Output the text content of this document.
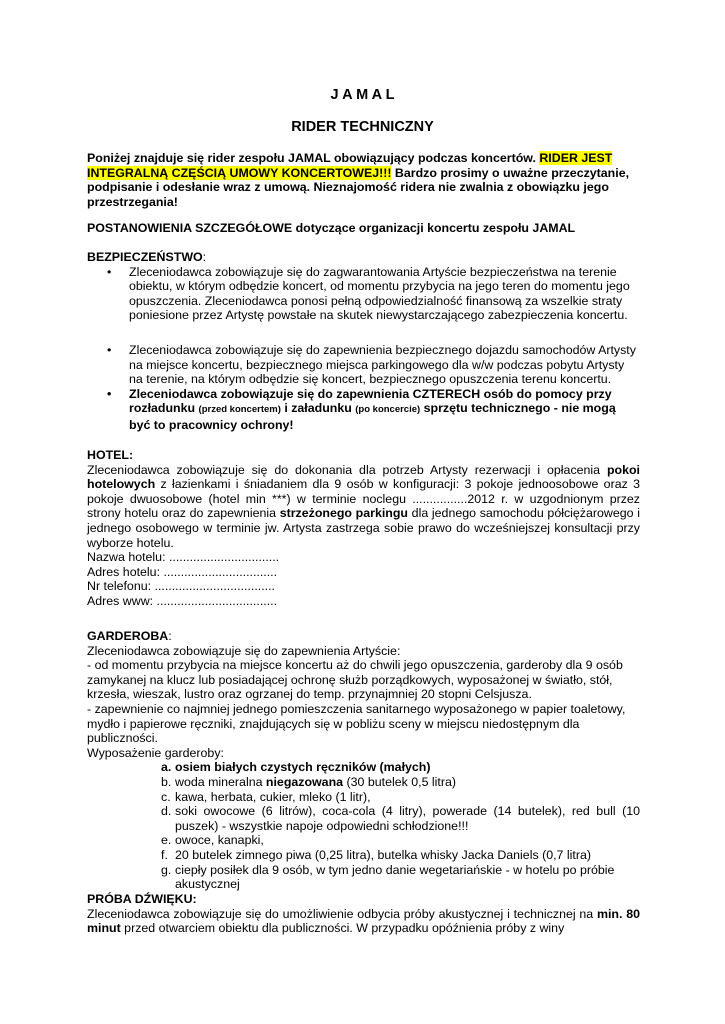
J A M A L
RIDER TECHNICZNY

Poniżej znajduje się rider zespołu JAMAL obowiązujący podczas koncertów. RIDER JEST INTEGRALNĄ CZĘŚCIĄ UMOWY KONCERTOWEJ!!! Bardzo prosimy o uważne przeczytanie, podpisanie i odesłanie wraz z umową. Nieznajomość ridera nie zwalnia z obowiązku jego przestrzegania!

POSTANOWIENIA SZCZEGÓŁOWE dotyczące organizacji koncertu zespołu JAMAL

BEZPIECZEŃSTWO:

• Zleceniodawca zobowiązuje się do zagwarantowania Artyście bezpieczeństwa na terenie obiektu, w którym odbędzie koncert, od momentu przybycia na jego teren do momentu jego opuszczenia. Zleceniodawca ponosi pełną odpowiedzialność finansową za wszelkie straty poniesione przez Artystę powstałe na skutek niewystarczającego zabezpieczenia koncertu.
• Zleceniodawca zobowiązuje się do zapewnienia bezpiecznego dojazdu samochodów Artysty na miejsce koncertu, bezpiecznego miejsca parkingowego dla w/w podczas pobytu Artysty na terenie, na którym odbędzie się koncert, bezpiecznego opuszczenia terenu koncertu.
• Zleceniodawca zobowiązuje się do zapewnienia CZTERECH osób do pomocy przy rozładunku (przed koncertem) i załadunku (po koncercie) sprzętu technicznego - nie mogą być to pracownicy ochrony!

HOTEL:

Zleceniodawca zobowiązuje się do dokonania dla potrzeb Artysty rezerwacji i opłacenia pokoi hotelowych z łazienkami i śniadaniem dla 9 osób w konfiguracji: 3 pokoje jednoosobowe oraz 3 pokoje dwuosobowe (hotel min ***) w terminie noclegu ................2012 r. w uzgodnionym przez strony hotelu oraz do zapewnienia strzeżonego parkingu dla jednego samochodu półciężarowego i jednego osobowego w terminie jw. Artysta zastrzega sobie prawo do wcześniejszej konsultacji przy wyborze hotelu.

Nazwa hotelu: ................................

Adres hotelu: .................................

Nr telefonu: ...................................

Adres www: ...................................

GARDEROBA:

Zleceniodawca zobowiązuje się do zapewnienia Artyście:

- od momentu przybycia na miejsce koncertu aż do chwili jego opuszczenia, garderoby dla 9 osób zamykanej na klucz lub posiadającej ochronę służb porządkowych, wyposażonej w światło, stół, krzesła, wieszak, lustro oraz ogrzanej do temp. przynajmniej 20 stopni Celsjusza.

- zapewnienie co najmniej jednego pomieszczenia sanitarnego wyposażonego w papier toaletowy, mydło i papierowe ręczniki, znajdujących się w pobliżu sceny w miejscu niedostępnym dla publiczności.

Wyposażenie garderoby:

a. osiem białych czystych ręczników (małych)
b. woda mineralna niegazowana (30 butelek 0,5 litra)
c. kawa, herbata, cukier, mleko (1 litr),
d. soki owocowe (6 litrów), coca-cola (4 litry), powerade (14 butelek), red bull (10 puszek) - wszystkie napoje odpowiedni schłodzione!!!
e. owoce, kanapki,
f. 20 butelek zimnego piwa (0,25 litra), butelka whisky Jacka Daniels (0,7 litra)
g. ciepły posiłek dla 9 osób, w tym jedno danie wegetariańskie - w hotelu po próbie akustycznej

PRÓBA DŹWIĘKU:

Zleceniodawca zobowiązuje się do umożliwienie odbycia próby akustycznej i technicznej na min. 80 minut przed otwarciem obiektu dla publiczności. W przypadku opóźnienia próby z winy
